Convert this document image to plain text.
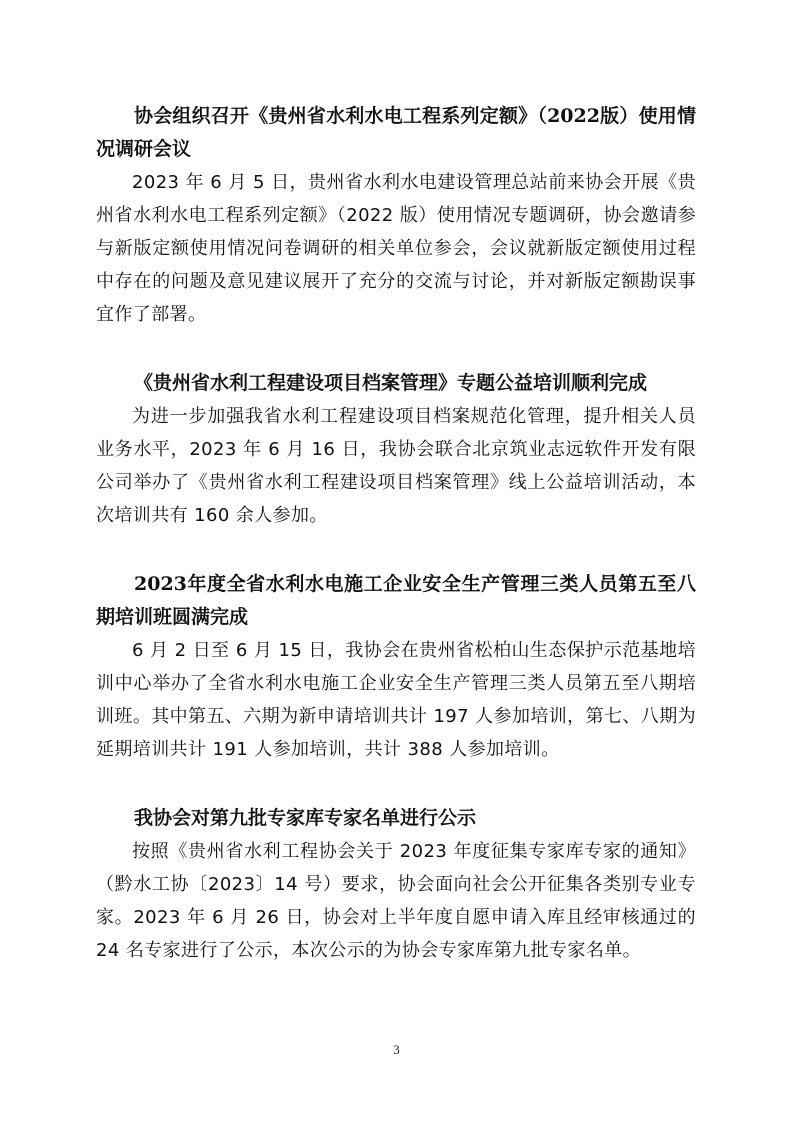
协会组织召开《贵州省水利水电工程系列定额》（2022版）使用情况调研会议

2023 年 6 月 5 日，贵州省水利水电建设管理总站前来协会开展《贵州省水利水电工程系列定额》（2022 版）使用情况专题调研，协会邀请参与新版定额使用情况问卷调研的相关单位参会，会议就新版定额使用过程中存在的问题及意见建议展开了充分的交流与讨论，并对新版定额勘误事宜作了部署。

《贵州省水利工程建设项目档案管理》专题公益培训顺利完成

为进一步加强我省水利工程建设项目档案规范化管理，提升相关人员业务水平，2023 年 6 月 16 日，我协会联合北京筑业志远软件开发有限公司举办了《贵州省水利工程建设项目档案管理》线上公益培训活动，本次培训共有 160 余人参加。

2023年度全省水利水电施工企业安全生产管理三类人员第五至八期培训班圆满完成

6 月 2 日至 6 月 15 日，我协会在贵州省松柏山生态保护示范基地培训中心举办了全省水利水电施工企业安全生产管理三类人员第五至八期培训班。其中第五、六期为新申请培训共计 197 人参加培训，第七、八期为延期培训共计 191 人参加培训，共计 388 人参加培训。

我协会对第九批专家库专家名单进行公示

按照《贵州省水利工程协会关于 2023 年度征集专家库专家的通知》（黔水工协〔2023〕14 号）要求，协会面向社会公开征集各类别专业专家。2023 年 6 月 26 日，协会对上半年度自愿申请入库且经审核通过的 24 名专家进行了公示，本次公示的为协会专家库第九批专家名单。

3
